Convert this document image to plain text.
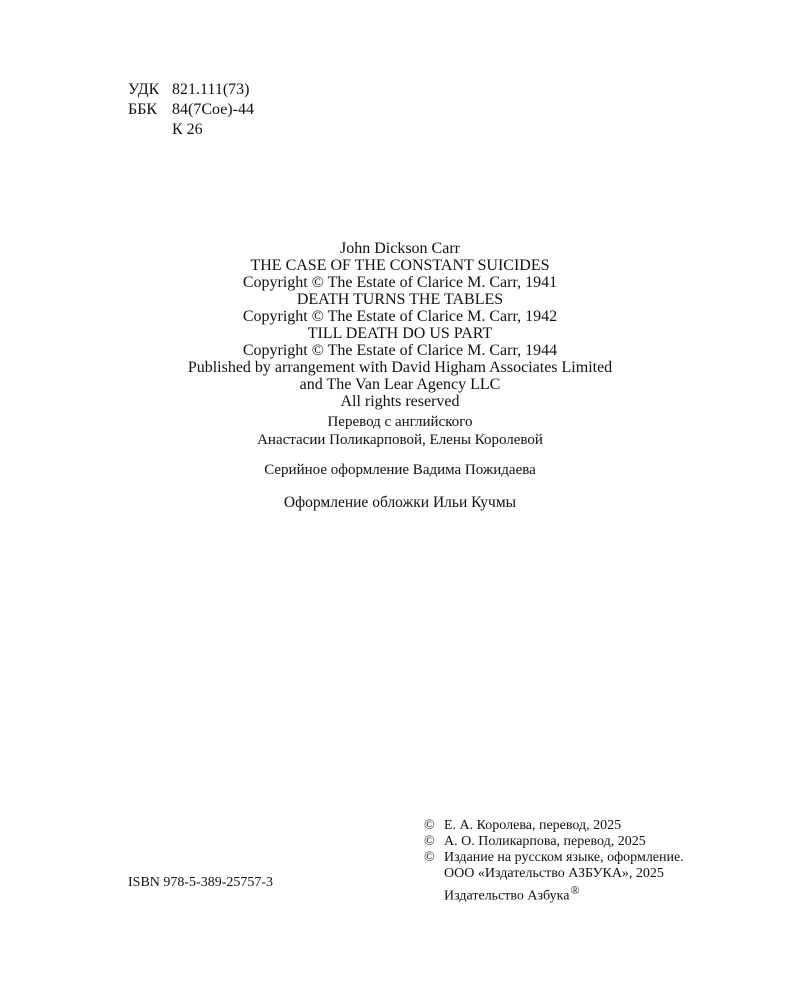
УДК 821.111(73)
ББК 84(7Сое)-44
К 26
John Dickson Carr
THE CASE OF THE CONSTANT SUICIDES
Copyright © The Estate of Clarice M. Carr, 1941
DEATH TURNS THE TABLES
Copyright © The Estate of Clarice M. Carr, 1942
TILL DEATH DO US PART
Copyright © The Estate of Clarice M. Carr, 1944
Published by arrangement with David Higham Associates Limited
and The Van Lear Agency LLC
All rights reserved
Перевод с английского
Анастасии Поликарповой, Елены Королевой
Серийное оформление Вадима Пожидаева
Оформление обложки Ильи Кучмы
ISBN 978-5-389-25757-3
© Е. А. Королева, перевод, 2025
© А. О. Поликарпова, перевод, 2025
© Издание на русском языке, оформление.
ООО «Издательство АЗБУКА», 2025
Издательство Азбука®
